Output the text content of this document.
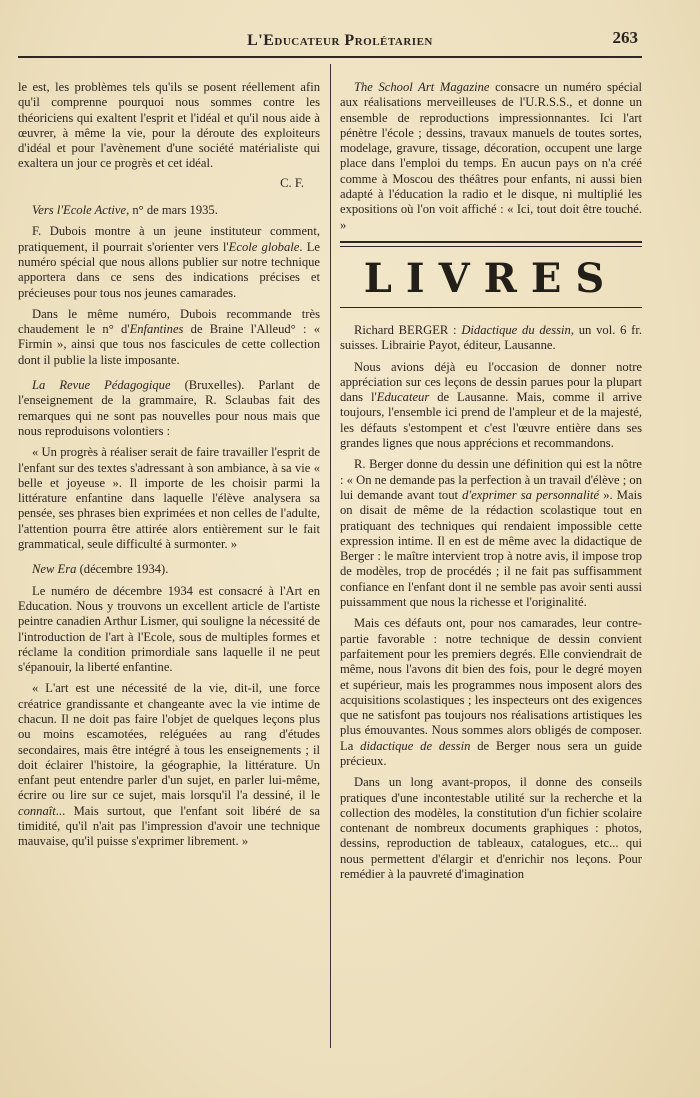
L'Educateur Prolétarien	263

le est, les problèmes tels qu'ils se posent réellement afin qu'il comprenne pourquoi nous sommes contre les théoriciens qui exaltent l'esprit et l'idéal et qu'il nous aide à œuvrer, à même la vie, pour la déroute des exploiteurs d'idéal et pour l'avènement d'une société matérialiste qui exaltera un jour ce progrès et cet idéal.

C. F.

Vers l'Ecole Active, n° de mars 1935.

F. Dubois montre à un jeune instituteur comment, pratiquement, il pourrait s'orienter vers l'Ecole globale. Le numéro spécial que nous allons publier sur notre technique apportera dans ce sens des indications précises et précieuses pour tous nos jeunes camarades.

Dans le même numéro, Dubois recommande très chaudement le n° d'Enfantines de Braine l'Alleud° : « Firmin », ainsi que tous nos fascicules de cette collection dont il publie la liste imposante.

La Revue Pédagogique (Bruxelles). Parlant de l'enseignement de la grammaire, R. Sclaubas fait des remarques qui ne sont pas nouvelles pour nous mais que nous reproduisons volontiers :

« Un progrès à réaliser serait de faire travailler l'esprit de l'enfant sur des textes s'adressant à son ambiance, à sa vie « belle et joyeuse ». Il importe de les choisir parmi la littérature enfantine dans laquelle l'élève analysera sa pensée, ses phrases bien exprimées et non celles de l'adulte, l'attention pourra être attirée alors entièrement sur le fait grammatical, seule difficulté à surmonter. »

New Era (décembre 1934).

Le numéro de décembre 1934 est consacré à l'Art en Education. Nous y trouvons un excellent article de l'artiste peintre canadien Arthur Lismer, qui souligne la nécessité de l'introduction de l'art à l'Ecole, sous de multiples formes et réclame la condition primordiale sans laquelle il ne peut s'épanouir, la liberté enfantine.

« L'art est une nécessité de la vie, dit-il, une force créatrice grandissante et changeante avec la vie intime de chacun. Il ne doit pas faire l'objet de quelques leçons plus ou moins escamotées, reléguées au rang d'études secondaires, mais être intégré à tous les enseignements ; il doit éclairer l'histoire, la géographie, la littérature. Un enfant peut entendre parler d'un sujet, en parler lui-même, écrire ou lire sur ce sujet, mais lorsqu'il l'a dessiné, il le connaît... Mais surtout, que l'enfant soit libéré de sa timidité, qu'il n'ait pas l'impression d'avoir une technique mauvaise, qu'il puisse s'exprimer librement. »

The School Art Magazine consacre un numéro spécial aux réalisations merveilleuses de l'U.R.S.S., et donne un ensemble de reproductions impressionnantes. Ici l'art pénètre l'école ; dessins, travaux manuels de toutes sortes, modelage, gravure, tissage, décoration, occupent une large place dans l'emploi du temps. En aucun pays on n'a créé comme à Moscou des théâtres pour enfants, ni aussi bien adapté à l'éducation la radio et le disque, ni multiplié les expositions où l'on voit affiché : « Ici, tout doit être touché. »

LIVRES

Richard BERGER : Didactique du dessin, un vol. 6 fr. suisses. Librairie Payot, éditeur, Lausanne.

Nous avions déjà eu l'occasion de donner notre appréciation sur ces leçons de dessin parues pour la plupart dans l'Educateur de Lausanne. Mais, comme il arrive toujours, l'ensemble ici prend de l'ampleur et de la majesté, les défauts s'estompent et c'est l'œuvre entière dans ses grandes lignes que nous apprécions et recommandons.

R. Berger donne du dessin une définition qui est la nôtre : « On ne demande pas la perfection à un travail d'élève ; on lui demande avant tout d'exprimer sa personnalité ». Mais on disait de même de la rédaction scolastique tout en pratiquant des techniques qui rendaient impossible cette expression intime. Il en est de même avec la didactique de Berger : le maître intervient trop à notre avis, il impose trop de modèles, trop de procédés ; il ne fait pas suffisamment confiance en l'enfant dont il ne semble pas avoir senti aussi puissamment que nous la richesse et l'originalité.

Mais ces défauts ont, pour nos camarades, leur contre-partie favorable : notre technique de dessin convient parfaitement pour les premiers degrés. Elle conviendrait de même, nous l'avons dit bien des fois, pour le degré moyen et supérieur, mais les programmes nous imposent alors des acquisitions scolastiques ; les inspecteurs ont des exigences que ne satisfont pas toujours nos réalisations artistiques les plus émouvantes. Nous sommes alors obligés de composer. La didactique de dessin de Berger nous sera un guide précieux.

Dans un long avant-propos, il donne des conseils pratiques d'une incontestable utilité sur la recherche et la collection des modèles, la constitution d'un fichier scolaire contenant de nombreux documents graphiques : photos, dessins, reproduction de tableaux, catalogues, etc... qui nous permettent d'élargir et d'enrichir nos leçons. Pour remédier à la pauvreté d'imagination
